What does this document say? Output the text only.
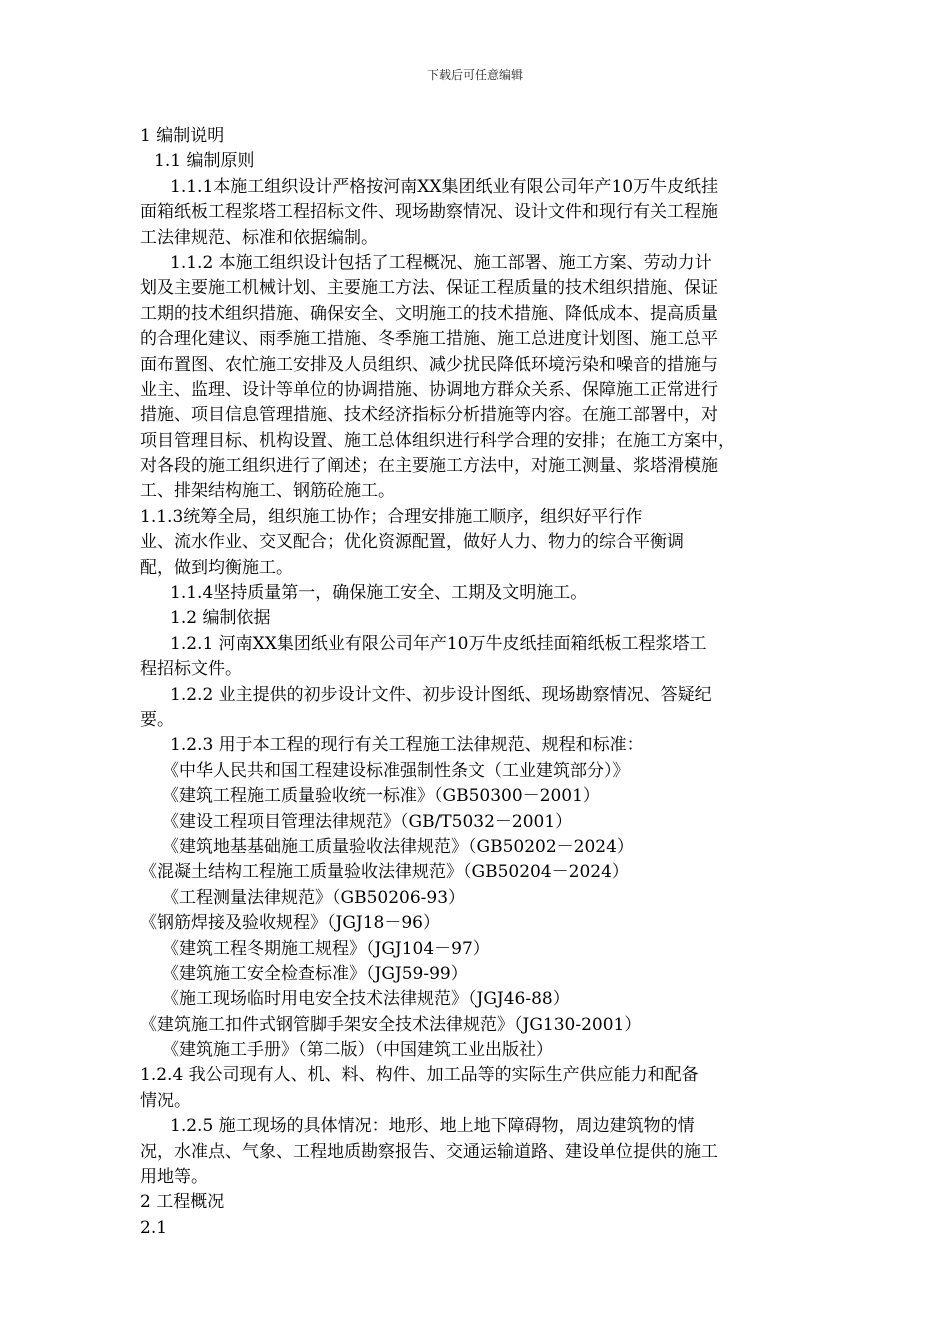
下载后可任意编辑
1 编制说明
1.1 编制原则
1.1.1本施工组织设计严格按河南XX集团纸业有限公司年产10万牛皮纸挂
面箱纸板工程浆塔工程招标文件、现场勘察情况、设计文件和现行有关工程施
工法律规范、标准和依据编制。
1.1.2 本施工组织设计包括了工程概况、施工部署、施工方案、劳动力计
划及主要施工机械计划、主要施工方法、保证工程质量的技术组织措施、保证
工期的技术组织措施、确保安全、文明施工的技术措施、降低成本、提高质量
的合理化建议、雨季施工措施、冬季施工措施、施工总进度计划图、施工总平
面布置图、农忙施工安排及人员组织、减少扰民降低环境污染和噪音的措施与
业主、监理、设计等单位的协调措施、协调地方群众关系、保障施工正常进行
措施、项目信息管理措施、技术经济指标分析措施等内容。在施工部署中，对
项目管理目标、机构设置、施工总体组织进行科学合理的安排；在施工方案中，
对各段的施工组织进行了阐述；在主要施工方法中，对施工测量、浆塔滑模施
工、排架结构施工、钢筋砼施工。
1.1.3统筹全局，组织施工协作；合理安排施工顺序，组织好平行作
业、流水作业、交叉配合；优化资源配置，做好人力、物力的综合平衡调
配，做到均衡施工。
1.1.4坚持质量第一，确保施工安全、工期及文明施工。
1.2 编制依据
1.2.1 河南XX集团纸业有限公司年产10万牛皮纸挂面箱纸板工程浆塔工
程招标文件。
1.2.2 业主提供的初步设计文件、初步设计图纸、现场勘察情况、答疑纪
要。
1.2.3 用于本工程的现行有关工程施工法律规范、规程和标准：
《中华人民共和国工程建设标准强制性条文（工业建筑部分）》
《建筑工程施工质量验收统一标准》（GB50300－2001）
《建设工程项目管理法律规范》（GB/T5032－2001）
《建筑地基基础施工质量验收法律规范》（GB50202－2024）
《混凝土结构工程施工质量验收法律规范》（GB50204－2024）
《工程测量法律规范》（GB50206-93）
《钢筋焊接及验收规程》（JGJ18－96）
《建筑工程冬期施工规程》（JGJ104－97）
《建筑施工安全检查标准》（JGJ59-99）
《施工现场临时用电安全技术法律规范》（JGJ46-88）
《建筑施工扣件式钢管脚手架安全技术法律规范》（JG130-2001）
《建筑施工手册》（第二版）（中国建筑工业出版社）
1.2.4 我公司现有人、机、料、构件、加工品等的实际生产供应能力和配备
情况。
1.2.5 施工现场的具体情况：地形、地上地下障碍物，周边建筑物的情
况，水准点、气象、工程地质勘察报告、交通运输道路、建设单位提供的施工
用地等。
2 工程概况
2.1
